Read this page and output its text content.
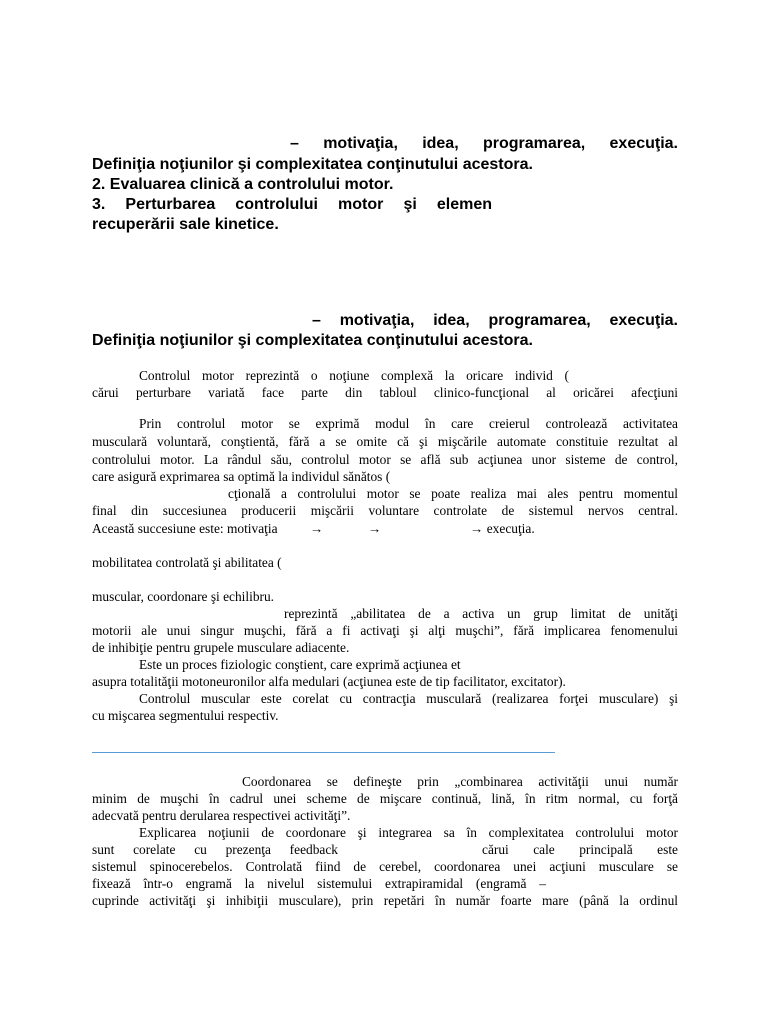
– motivaţia, idea, programarea, execuţia.
Definiţia noţiunilor şi complexitatea conţinutului acestora.
2. Evaluarea clinică a controlului motor.
3. Perturbarea controlului motor şi elemen
recuperării sale kinetice.
– motivaţia, idea, programarea, execuţia.
Definiţia noţiunilor şi complexitatea conţinutului acestora.
Controlul motor reprezintă o noţiune complexă la oricare individ (
cărui perturbare variată face parte din tabloul clinico-funcţional al oricărei afecţiuni
Prin controlul motor se exprimă modul în care creierul controlează activitatea
musculară voluntară, conştientă, fără a se omite că şi mişcările automate constituie rezultat al
controlului motor. La rândul său, controlul motor se află sub acţiunea unor sisteme de control,
care asigură exprimarea sa optimă la individul sănătos (
cţională a controlului motor se poate realiza mai ales pentru momentul
final din succesiunea producerii mişcării voluntare controlate de sistemul nervos central.
Această succesiune este: motivaţia →	→	→ execuţia.
mobilitatea controlată şi abilitatea (
muscular, coordonare şi echilibru.
reprezintă „abilitatea de a activa un grup limitat de unităţi
motorii ale unui singur muşchi, fără a fi activaţi şi alţi muşchi”, fără implicarea fenomenului
de inhibiţie pentru grupele musculare adiacente.
Este un proces fiziologic conştient, care exprimă acţiunea et
asupra totalităţii motoneuronilor alfa medulari (acţiunea este de tip facilitator, excitator).
Controlul muscular este corelat cu contracţia musculară (realizarea forţei musculare) şi
cu mişcarea segmentului respectiv.
Coordonarea se defineşte prin „combinarea activităţii unui număr
minim de muşchi în cadrul unei scheme de mişcare continuă, lină, în ritm normal, cu forţă
adecvată pentru derularea respectivei activităţi”.
Explicarea noţiunii de coordonare şi integrarea sa în complexitatea controlului motor
sunt corelate cu prezenţa feedback	cărui cale principală este
sistemul spinocerebelos. Controlată fiind de cerebel, coordonarea unei acţiuni musculare se
fixează într-o engramă la nivelul sistemului extrapiramidal (engramă –
cuprinde activităţi şi inhibiţii musculare), prin repetări în număr foarte mare (până la ordinul
